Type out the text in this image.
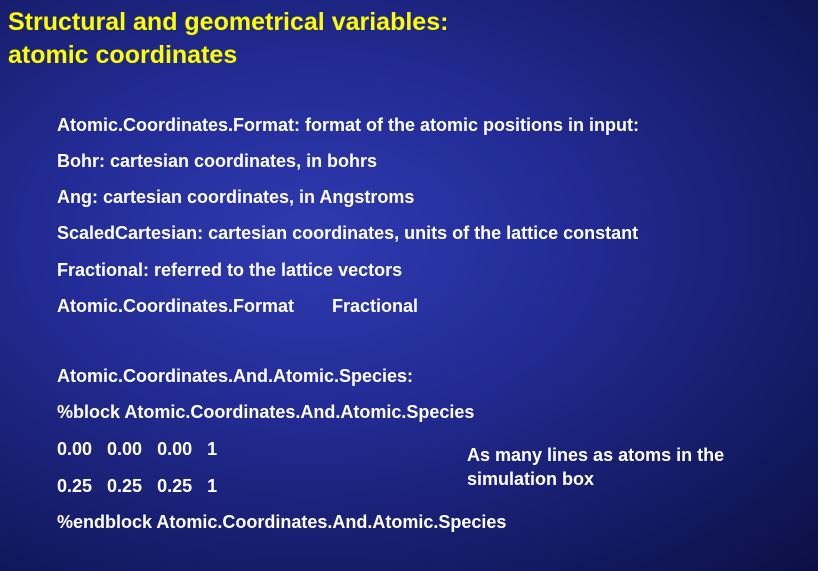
Structural and geometrical variables:
atomic coordinates
Atomic.Coordinates.Format: format of the atomic positions in input:
Bohr: cartesian coordinates, in bohrs
Ang: cartesian coordinates, in Angstroms
ScaledCartesian: cartesian coordinates, units of the lattice constant
Fractional: referred to the lattice vectors
Atomic.Coordinates.Format Fractional
Atomic.Coordinates.And.Atomic.Species:
%block Atomic.Coordinates.And.Atomic.Species
0.00   0.00   0.00   1
0.25   0.25   0.25   1
%endblock Atomic.Coordinates.And.Atomic.Species
As many lines as atoms in the simulation box
